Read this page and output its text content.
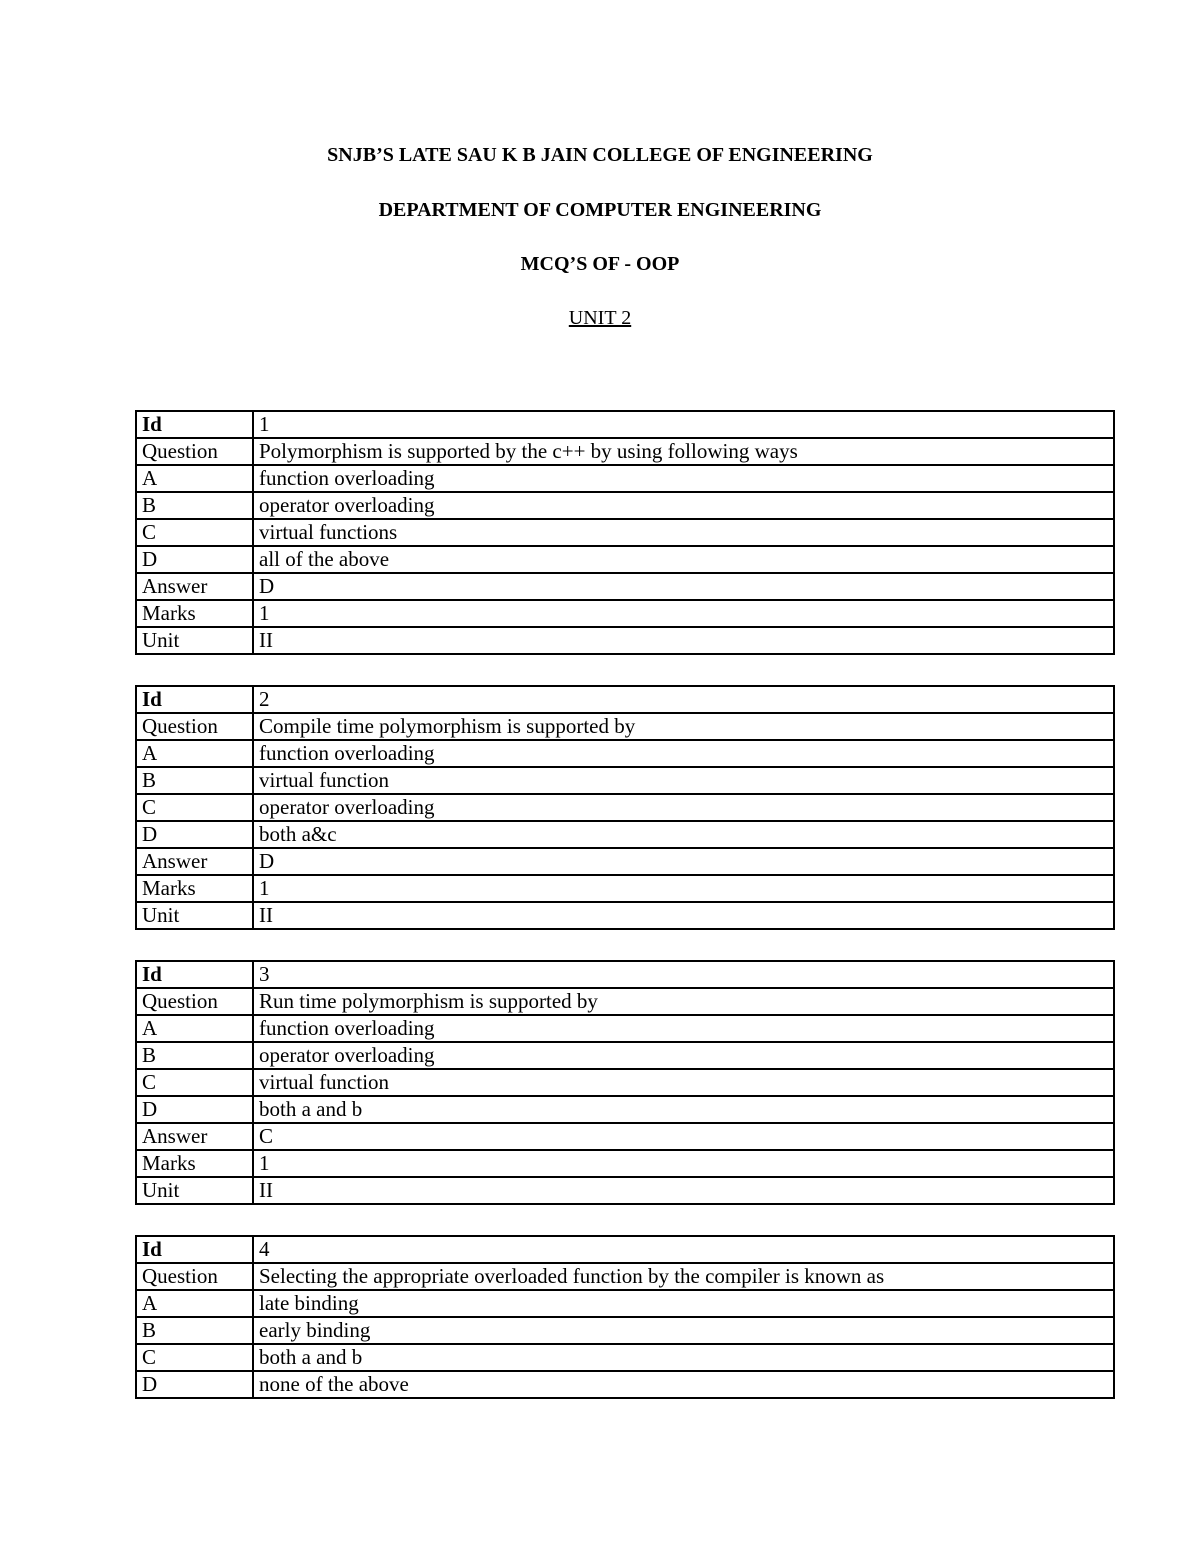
SNJB’S LATE SAU K B JAIN COLLEGE OF ENGINEERING
DEPARTMENT OF COMPUTER ENGINEERING
MCQ’S OF - OOP
UNIT 2
Id	1
Question	Polymorphism is supported by the c++ by using following ways
A	function overloading
B	operator overloading
C	virtual functions
D	all of the above
Answer	D
Marks	1
Unit	II
Id	2
Question	Compile time polymorphism is supported by
A	function overloading
B	virtual function
C	operator overloading
D	both a&c
Answer	D
Marks	1
Unit	II
Id	3
Question	Run time polymorphism is supported by
A	function overloading
B	operator overloading
C	virtual function
D	both a and b
Answer	C
Marks	1
Unit	II
Id	4
Question	Selecting the appropriate overloaded function by the compiler is known as
A	late binding
B	early binding
C	both a and b
D	none of the above
